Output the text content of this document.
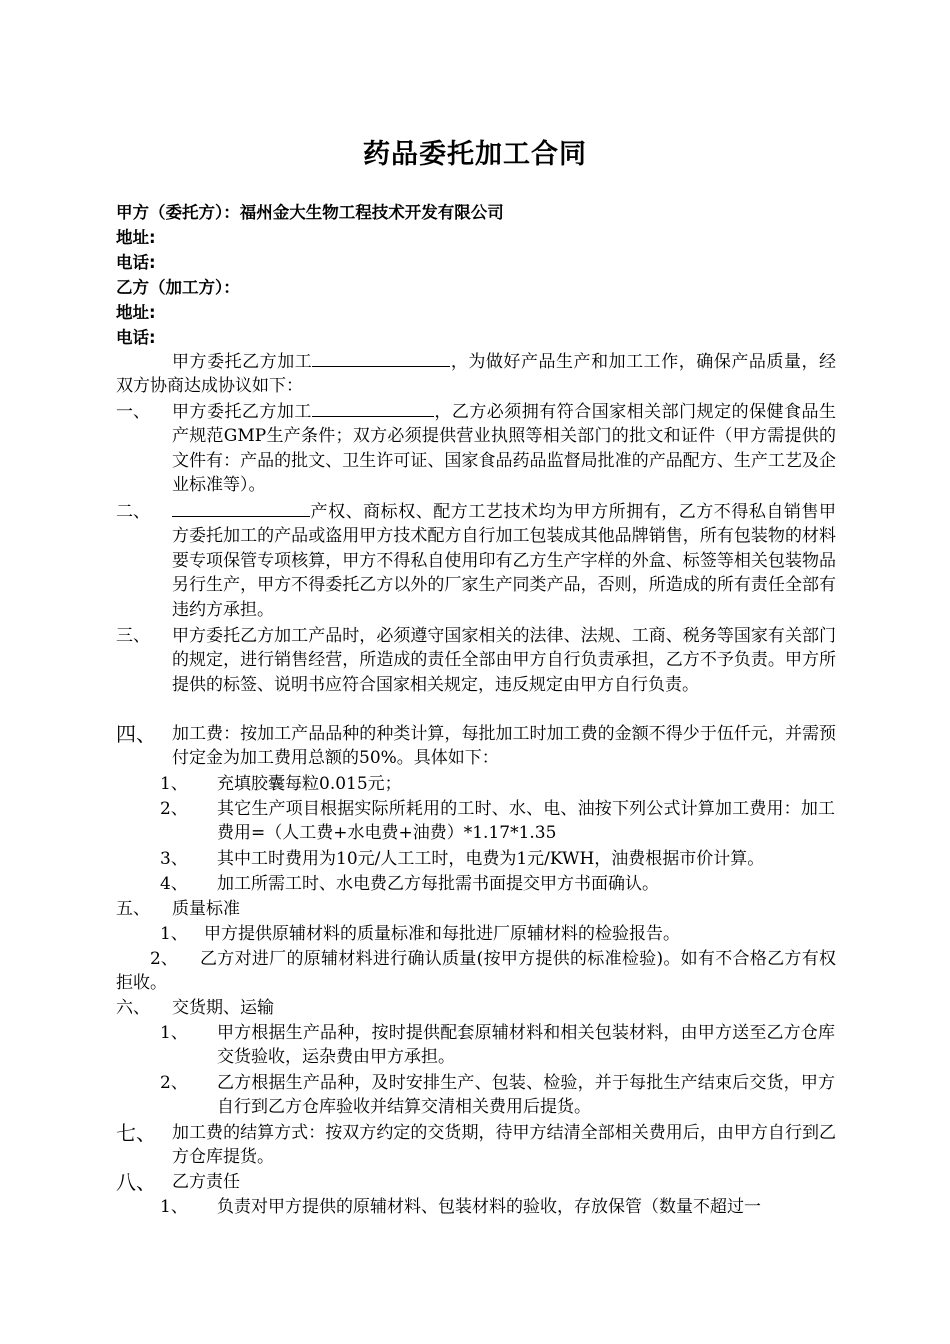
药品委托加工合同
甲方（委托方）：福州金大生物工程技术开发有限公司
地址:
电话:
乙方（加工方）：
地址:
电话:
甲方委托乙方加工	，为做好产品生产和加工工作，确保产品质量，经双方协商达成协议如下：
一、 甲方委托乙方加工	，乙方必须拥有符合国家相关部门规定的保健食品生产规范GMP生产条件；双方必须提供营业执照等相关部门的批文和证件（甲方需提供的文件有：产品的批文、卫生许可证、国家食品药品监督局批准的产品配方、生产工艺及企业标准等）。
二、	产权、商标权、配方工艺技术均为甲方所拥有，乙方不得私自销售甲方委托加工的产品或盗用甲方技术配方自行加工包装成其他品牌销售，所有包装物的材料要专项保管专项核算，甲方不得私自使用印有乙方生产字样的外盒、标签等相关包装物品另行生产，甲方不得委托乙方以外的厂家生产同类产品，否则，所造成的所有责任全部有违约方承担。
三、 甲方委托乙方加工产品时，必须遵守国家相关的法律、法规、工商、税务等国家有关部门的规定，进行销售经营，所造成的责任全部由甲方自行负责承担，乙方不予负责。甲方所提供的标签、说明书应符合国家相关规定，违反规定由甲方自行负责。
四、 加工费：按加工产品品种的种类计算，每批加工时加工费的金额不得少于伍仟元，并需预付定金为加工费用总额的50%。具体如下：
1、 充填胶囊每粒0.015元；
2、 其它生产项目根据实际所耗用的工时、水、电、油按下列公式计算加工费用：加工费用=（人工费+水电费+油费）*1.17*1.35
3、 其中工时费用为10元/人工工时，电费为1元/KWH，油费根据市价计算。
4、 加工所需工时、水电费乙方每批需书面提交甲方书面确认。
五、 质量标准
1、 甲方提供原辅材料的质量标准和每批进厂原辅材料的检验报告。
2、	乙方对进厂的原辅材料进行确认质量(按甲方提供的标准检验)。如有不合格乙方有权拒收。
六、 交货期、运输
1、 甲方根据生产品种，按时提供配套原辅材料和相关包装材料，由甲方送至乙方仓库交货验收，运杂费由甲方承担。
2、 乙方根据生产品种，及时安排生产、包装、检验，并于每批生产结束后交货，甲方自行到乙方仓库验收并结算交清相关费用后提货。
七、 加工费的结算方式：按双方约定的交货期，待甲方结清全部相关费用后，由甲方自行到乙方仓库提货。
八、 乙方责任
1、 负责对甲方提供的原辅材料、包装材料的验收，存放保管（数量不超过一
